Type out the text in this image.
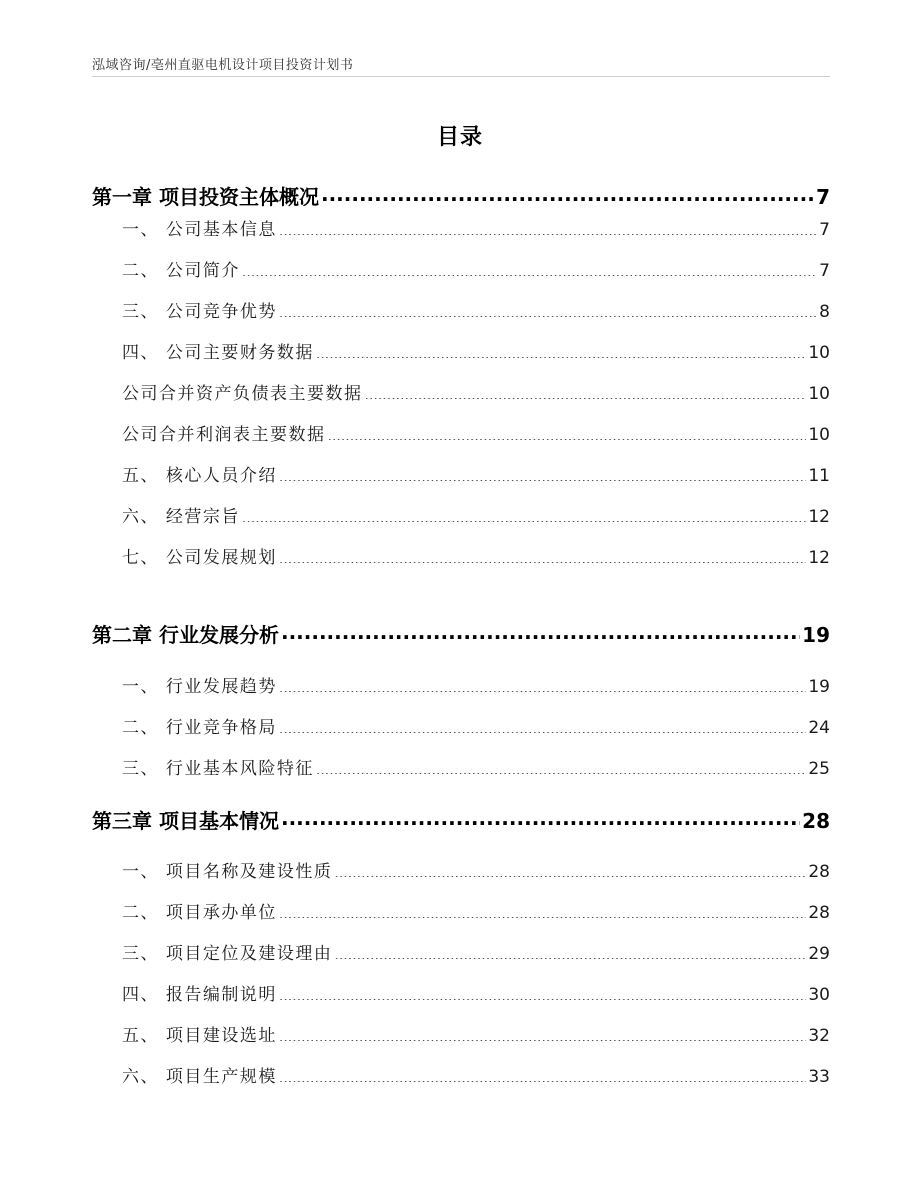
泓域咨询/亳州直驱电机设计项目投资计划书
目录
第一章 项目投资主体概况 .....	7
一、 公司基本信息 .....	7
二、 公司简介 .....	7
三、 公司竞争优势 .....	8
四、 公司主要财务数据 .....	10
公司合并资产负债表主要数据 .....	10
公司合并利润表主要数据 .....	10
五、 核心人员介绍 .....	11
六、 经营宗旨 .....	12
七、 公司发展规划 .....	12
第二章 行业发展分析 .....	19
一、 行业发展趋势 .....	19
二、 行业竞争格局 .....	24
三、 行业基本风险特征 .....	25
第三章 项目基本情况 .....	28
一、 项目名称及建设性质 .....	28
二、 项目承办单位 .....	28
三、 项目定位及建设理由 .....	29
四、 报告编制说明 .....	30
五、 项目建设选址 .....	32
六、 项目生产规模 .....	33
